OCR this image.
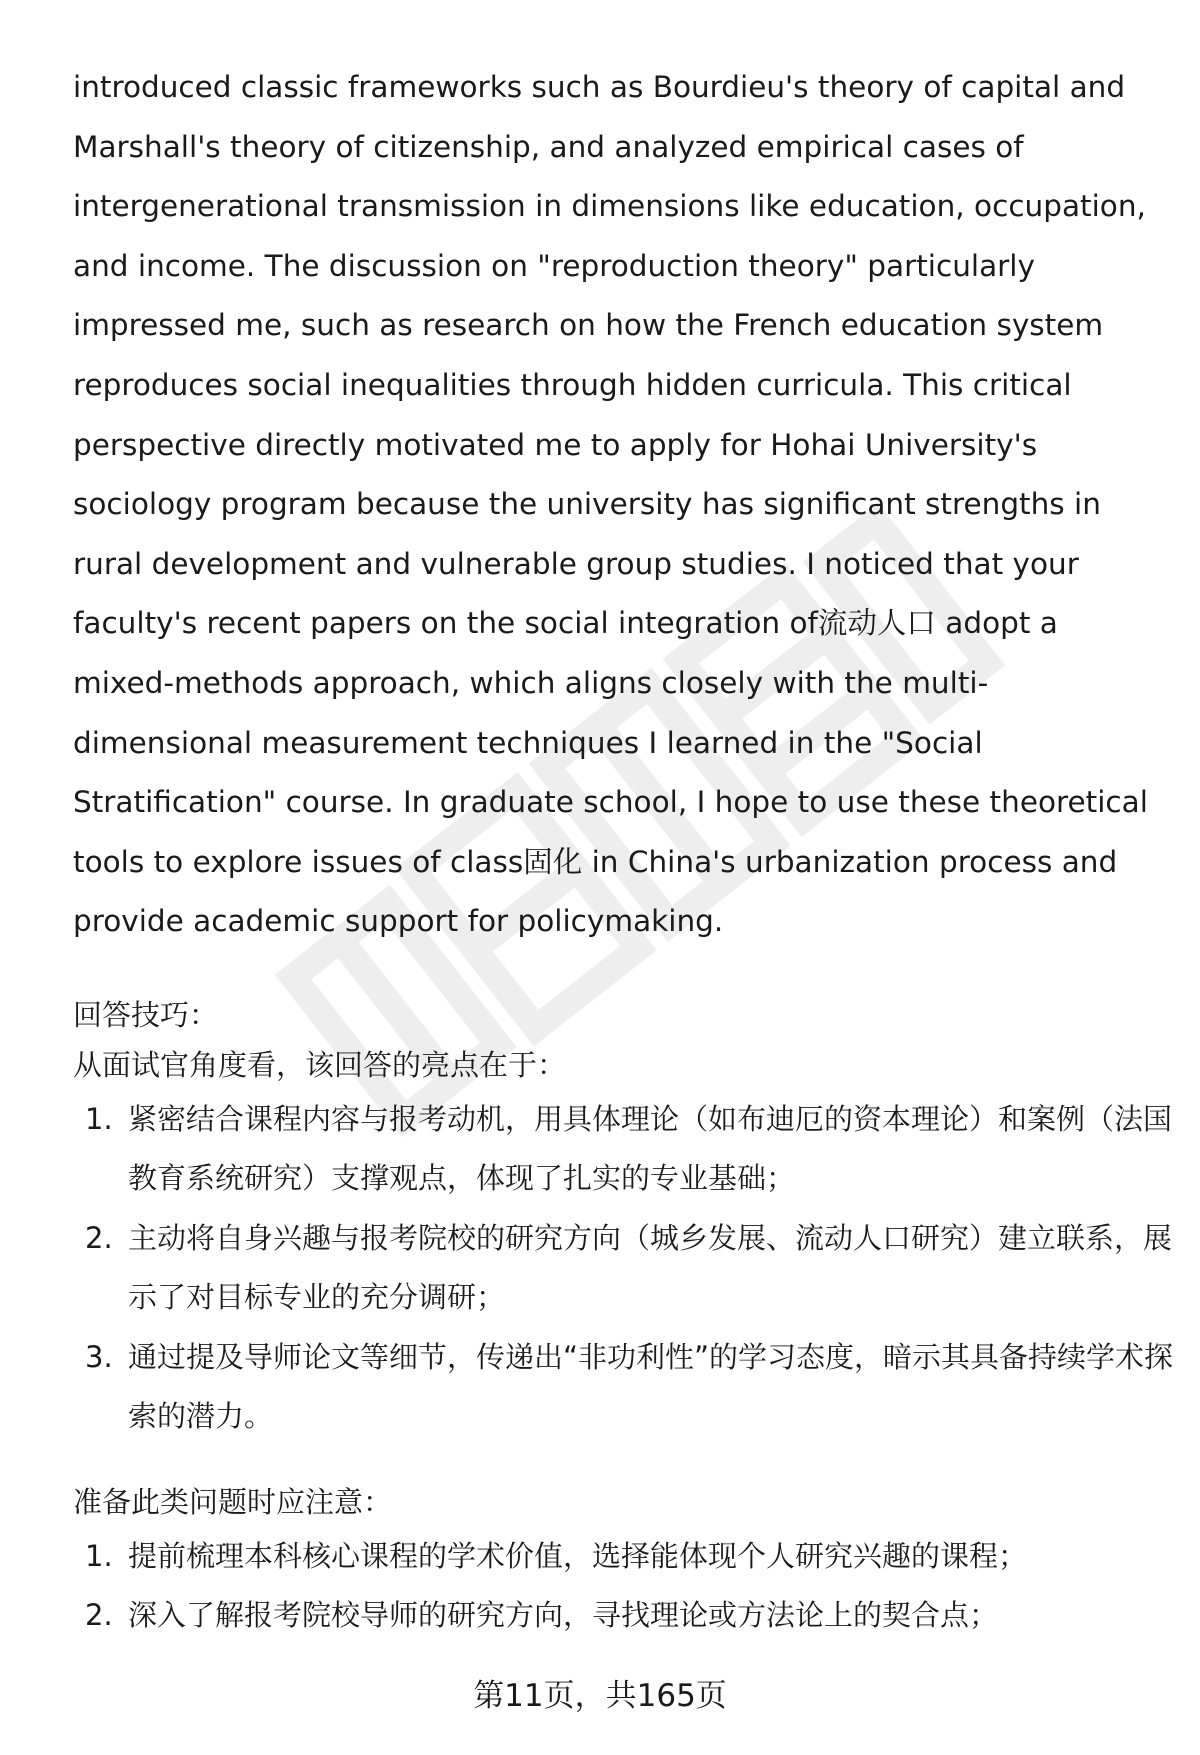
introduced classic frameworks such as Bourdieu's theory of capital and Marshall's theory of citizenship, and analyzed empirical cases of intergenerational transmission in dimensions like education, occupation, and income. The discussion on "reproduction theory" particularly impressed me, such as research on how the French education system reproduces social inequalities through hidden curricula. This critical perspective directly motivated me to apply for Hohai University's sociology program because the university has significant strengths in rural development and vulnerable group studies. I noticed that your faculty's recent papers on the social integration of流动人口 adopt a mixed-methods approach, which aligns closely with the multi-dimensional measurement techniques I learned in the "Social Stratification" course. In graduate school, I hope to use these theoretical tools to explore issues of class固化 in China's urbanization process and provide academic support for policymaking.

回答技巧：

从面试官角度看，该回答的亮点在于：

1. 紧密结合课程内容与报考动机，用具体理论（如布迪厄的资本理论）和案例（法国教育系统研究）支撑观点，体现了扎实的专业基础；
2. 主动将自身兴趣与报考院校的研究方向（城乡发展、流动人口研究）建立联系，展示了对目标专业的充分调研；
3. 通过提及导师论文等细节，传递出“非功利性”的学习态度，暗示其具备持续学术探索的潜力。

准备此类问题时应注意：

1. 提前梳理本科核心课程的学术价值，选择能体现个人研究兴趣的课程；
2. 深入了解报考院校导师的研究方向，寻找理论或方法论上的契合点；
第11页，共165页
